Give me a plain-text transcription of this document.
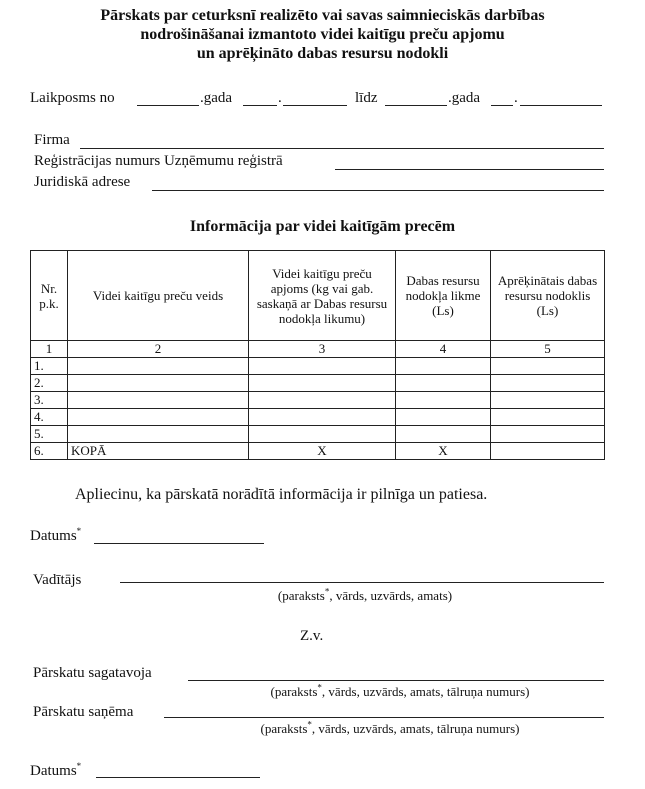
Pārskats par ceturksnī realizēto vai savas saimnieciskās darbības
nodrošināšanai izmantoto videi kaitīgu preču apjomu
un aprēķināto dabas resursu nodokli
Laikposms no	.gada	.	līdz	.gada .
Firma
Reģistrācijas numurs Uzņēmumu reģistrā
Juridiskā adrese
Informācija par videi kaitīgām precēm
Nr. p.k.	Videi kaitīgu preču veids	Videi kaitīgu preču apjoms (kg vai gab. saskaņā ar Dabas resursu nodokļa likumu)	Dabas resursu nodokļa likme (Ls)	Aprēķinātais dabas resursu nodoklis (Ls)
1	2	3	4	5
1.				
2.				
3.				
4.				
5.				
6.	KOPĀ	X	X	
Apliecinu, ka pārskatā norādītā informācija ir pilnīga un patiesa.
Datums*
Vadītājs
(paraksts*, vārds, uzvārds, amats)
Z.v.
Pārskatu sagatavoja
(paraksts*, vārds, uzvārds, amats, tālruņa numurs)
Pārskatu saņēma
(paraksts*, vārds, uzvārds, amats, tālruņa numurs)
Datums*
